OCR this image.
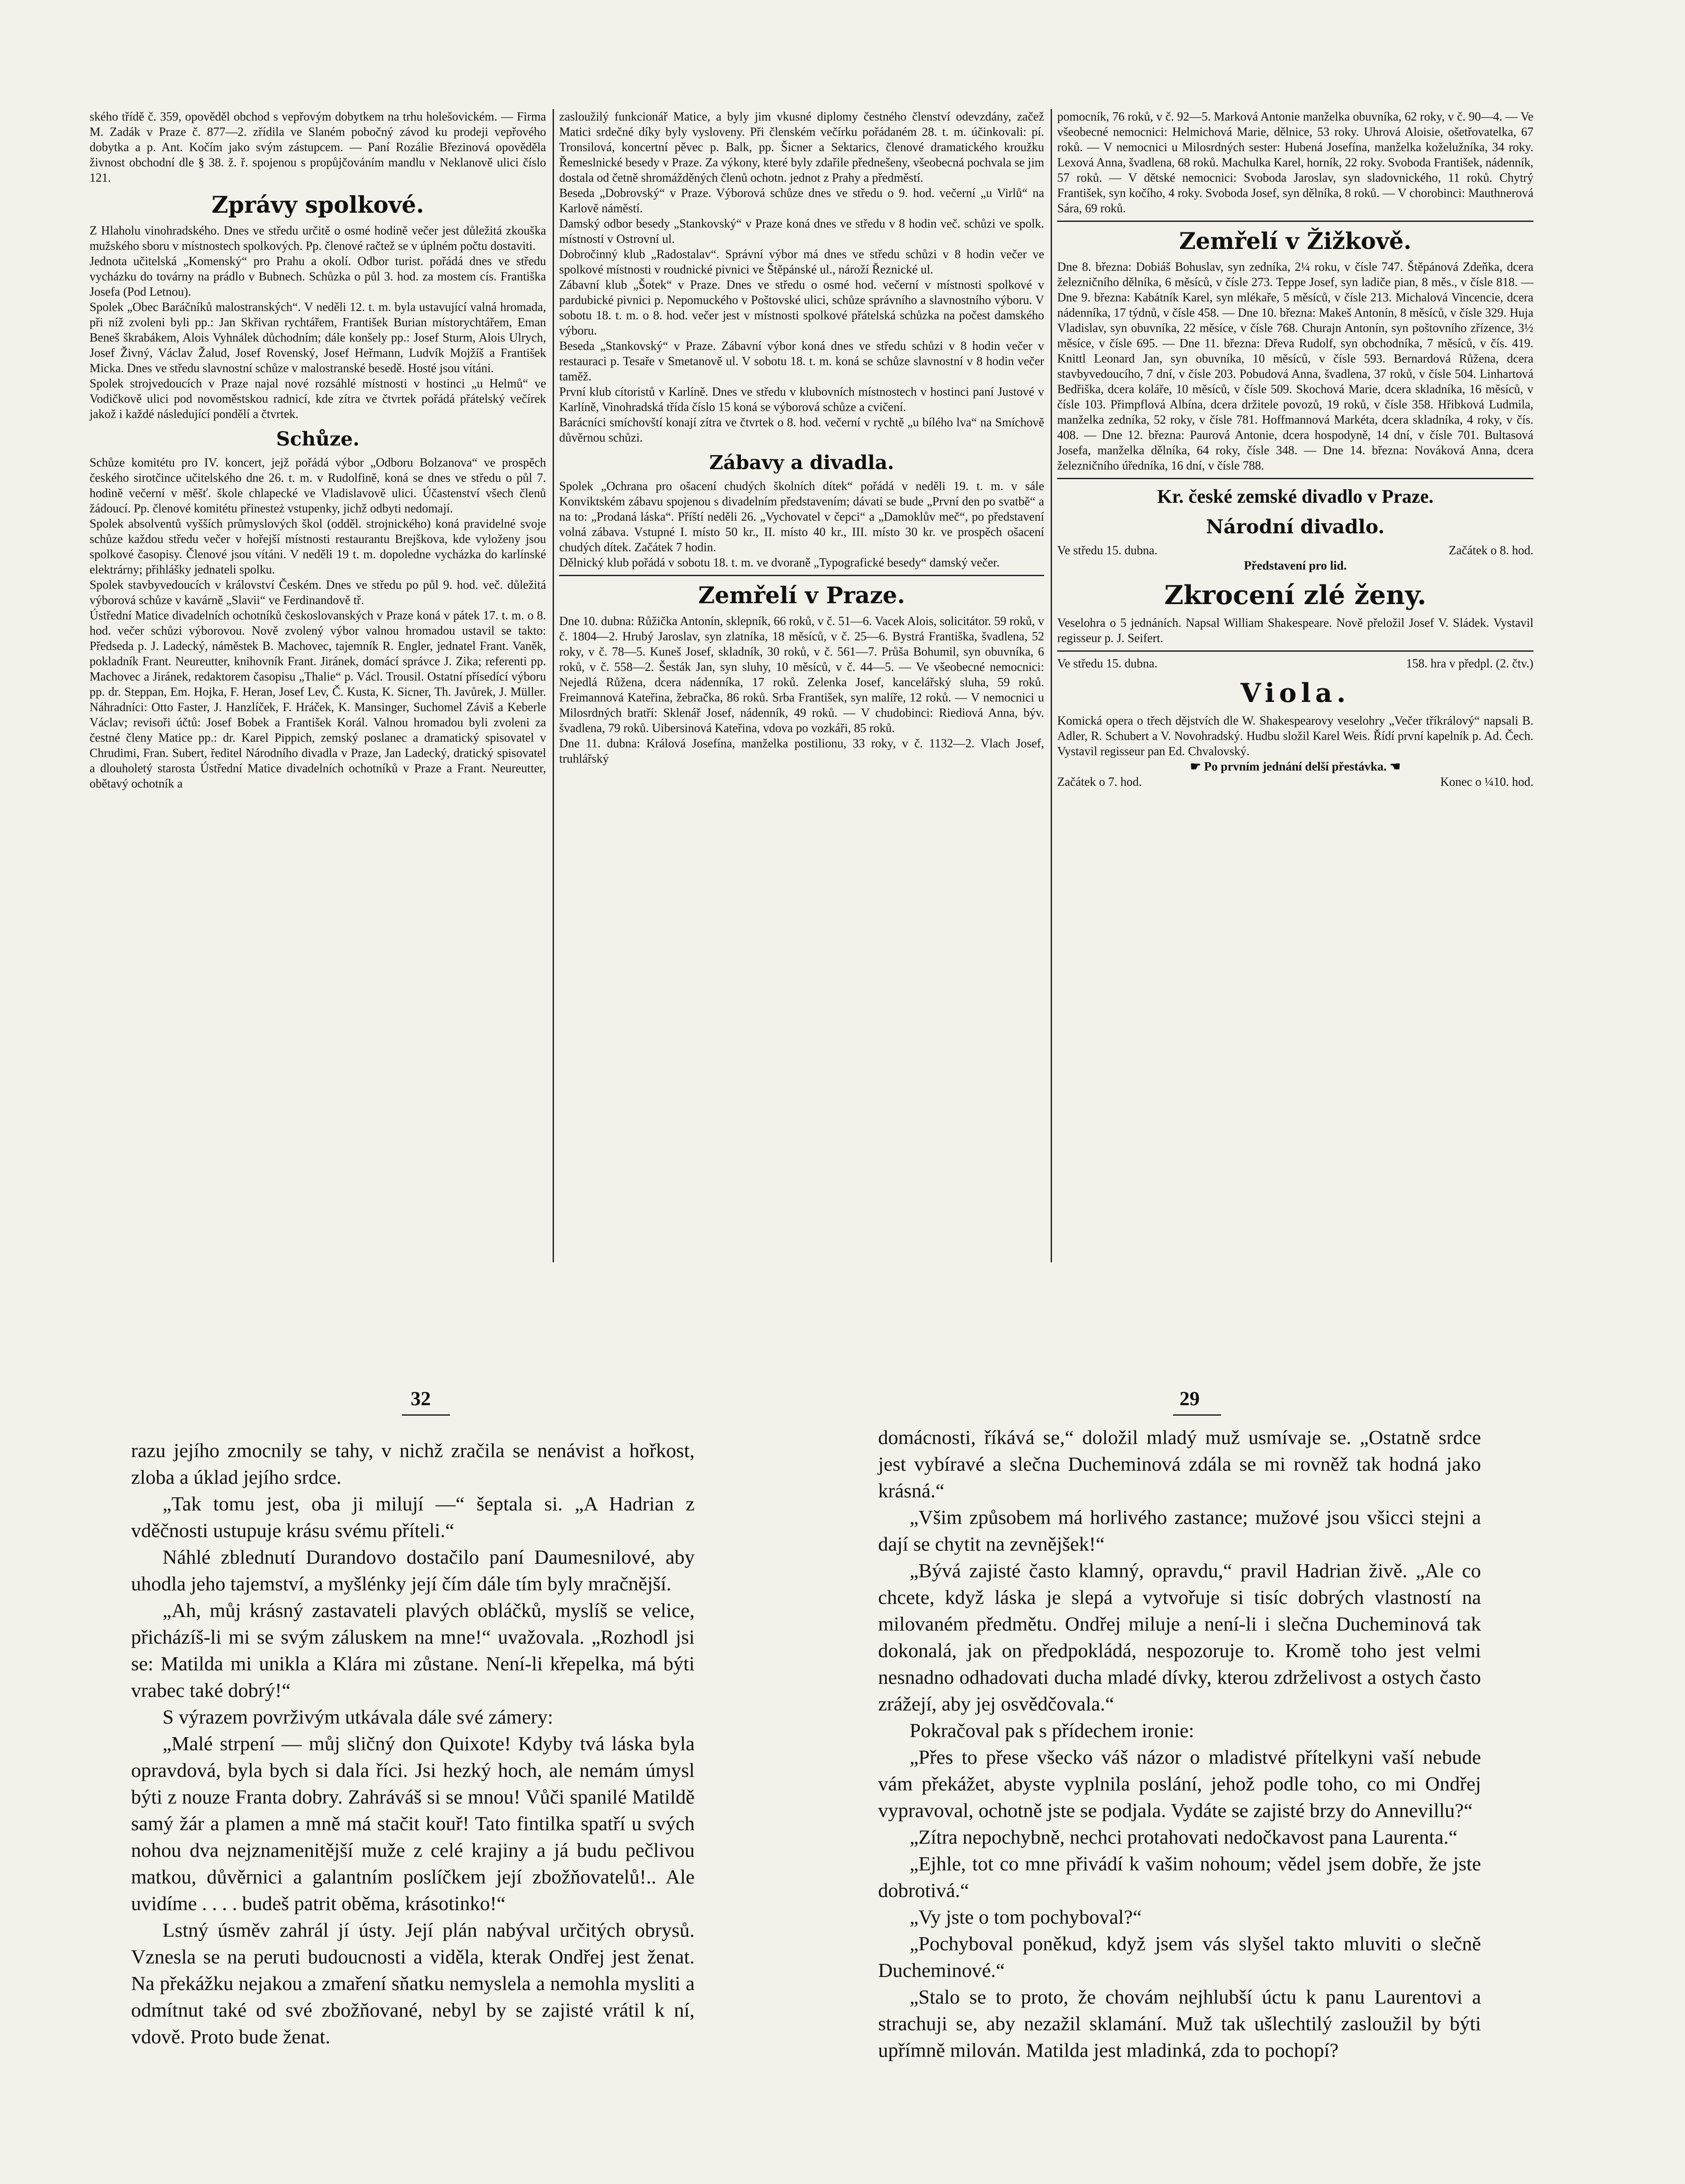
ského třídě č. 359, opověděl obchod s vepřovým dobytkem na trhu holešovickém. — Firma M. Zadák v Praze č. 877—2. zřídila ve Slaném pobočný závod ku prodeji vepřového dobytka a p. Ant. Kočím jako svým zástupcem. — Paní Rozálie Březinová opověděla živnost obchodní dle § 38. ž. ř. spojenou s propůjčováním mandlu v Neklanově ulici číslo 121.

Zprávy spolkové.

Z Hlaholu vinohradského. Dnes ve středu určitě o osmé hodině večer jest důležitá zkouška mužského sboru v místnostech spolkových. Pp. členové račtež se v úplném počtu dostaviti.

Jednota učitelská „Komenský“ pro Prahu a okolí. Odbor turist. pořádá dnes ve středu vycházku do továrny na prádlo v Bubnech. Schůzka o půl 3. hod. za mostem cís. Františka Josefa (Pod Letnou).

Spolek „Obec Baráčníků malostranských“. V neděli 12. t. m. byla ustavující valná hromada, při níž zvoleni byli pp.: Jan Skřivan rychtářem, František Burian místorychtářem, Eman Beneš škrabákem, Alois Vyhnálek důchodním; dále konšely pp.: Josef Sturm, Alois Ulrych, Josef Živný, Václav Žalud, Josef Rovenský, Josef Heřmann, Ludvík Mojžíš a František Micka. Dnes ve středu slavnostní schůze v malostranské besedě. Hosté jsou vítáni.

Spolek strojvedoucích v Praze najal nové rozsáhlé místnosti v hostinci „u Helmů“ ve Vodičkově ulici pod novoměstskou radnicí, kde zítra ve čtvrtek pořádá přátelský večírek jakož i každé následující pondělí a čtvrtek.

Schůze.

Schůze komitétu pro IV. koncert, jejž pořádá výbor „Odboru Bolzanova“ ve prospěch českého sirotčince učitelského dne 26. t. m. v Rudolfině, koná se dnes ve středu o půl 7. hodině večerní v měšť. škole chlapecké ve Vladislavově ulici. Účastenství všech členů žádoucí. Pp. členové komitétu přinesteż vstupenky, jichž odbyti nedomají.

Spolek absolventů vyšších průmyslových škol (odděl. strojnického) koná pravidelné svoje schůze každou středu večer v hořejší místnosti restaurantu Brejškova, kde vyloženy jsou spolkové časopisy. Členové jsou vítáni. V neděli 19 t. m. dopoledne vycházka do karlínské elektrárny; přihlášky jednateli spolku.

Spolek stavbyvedoucích v království Českém. Dnes ve středu po půl 9. hod. več. důležitá výborová schůze v kavárně „Slavii“ ve Ferdinandově tř.

Ústřední Matice divadelních ochotníků českoslovanských v Praze koná v pátek 17. t. m. o 8. hod. večer schůzi výborovou. Nově zvolený výbor valnou hromadou ustavil se takto: Předseda p. J. Ladecký, náměstek B. Machovec, tajemník R. Engler, jednatel Frant. Vaněk, pokladník Frant. Neureutter, knihovník Frant. Jiránek, domácí správce J. Zika; referenti pp. Machovec a Jiránek, redaktorem časopisu „Thalie“ p. Václ. Trousil. Ostatní přísedící výboru pp. dr. Steppan, Em. Hojka, F. Heran, Josef Lev, Č. Kusta, K. Sicner, Th. Javůrek, J. Müller. Náhradníci: Otto Faster, J. Hanzlíček, F. Hráček, K. Mansinger, Suchomel Záviš a Keberle Václav; revisoři účtů: Josef Bobek a František Korál. Valnou hromadou byli zvoleni za čestné členy Matice pp.: dr. Karel Pippich, zemský poslanec a dramatický spisovatel v Chrudimi, Fran. Subert, ředitel Národního divadla v Praze, Jan Ladecký, dratický spisovatel a dlouholetý starosta Ústřední Matice divadelních ochotníků v Praze a Frant. Neureutter, obětavý ochotník a

zasloužilý funkcionář Matice, a byly jim vkusné diplomy čestného členství odevzdány, začež Matici srdečné díky byly vysloveny. Při členském večírku pořádaném 28. t. m. účinkovali: pí. Tronsilová, koncertní pěvec p. Balk, pp. Šicner a Sektarics, členové dramatického kroužku Řemeslnické besedy v Praze. Za výkony, které byly zdařile přednešeny, všeobecná pochvala se jim dostala od četně shromážděných členů ochotn. jednot z Prahy a předměstí.

Beseda „Dobrovský“ v Praze. Výborová schůze dnes ve středu o 9. hod. večerní „u Virlů“ na Karlově náměstí.

Damský odbor besedy „Stankovský“ v Praze koná dnes ve středu v 8 hodin več. schůzi ve spolk. místnosti v Ostrovní ul.

Dobročinný klub „Radostalav“. Správní výbor má dnes ve středu schůzi v 8 hodin večer ve spolkové místnosti v roudnické pivnici ve Štěpánské ul., nároží Řeznické ul.

Zábavní klub „Šotek“ v Praze. Dnes ve středu o osmé hod. večerní v místnosti spolkové v pardubické pivnici p. Nepomuckého v Poštovské ulici, schůze správního a slavnostního výboru. V sobotu 18. t. m. o 8. hod. večer jest v místnosti spolkové přátelská schůzka na počest damského výboru.

Beseda „Stankovský“ v Praze. Zábavní výbor koná dnes ve středu schůzi v 8 hodin večer v restauraci p. Tesaře v Smetanově ul. V sobotu 18. t. m. koná se schůze slavnostní v 8 hodin večer taměž.

První klub cítoristů v Karlíně. Dnes ve středu v klubovních místnostech v hostinci paní Justové v Karlíně, Vinohradská třída číslo 15 koná se výborová schůze a cvičení.

Barácníci smíchovští konají zítra ve čtvrtek o 8. hod. večerní v rychtě „u bílého lva“ na Smíchově důvěrnou schůzi.

Zábavy a divadla.

Spolek „Ochrana pro ošacení chudých školních dítek“ pořádá v neděli 19. t. m. v sále Konviktském zábavu spojenou s divadelním představením; dávati se bude „První den po svatbě“ a na to: „Prodaná láska“. Příští neděli 26. „Vychovatel v čepci“ a „Damoklův meč“, po představení volná zábava. Vstupné I. místo 50 kr., II. místo 40 kr., III. místo 30 kr. ve prospěch ošacení chudých dítek. Začátek 7 hodin.

Dělnický klub pořádá v sobotu 18. t. m. ve dvoraně „Typografické besedy“ damský večer.

Zemřelí v Praze.

Dne 10. dubna: Růžička Antonín, sklepník, 66 roků, v č. 51—6. Vacek Alois, solicitátor. 59 roků, v č. 1804—2. Hrubý Jaroslav, syn zlatníka, 18 měsíců, v č. 25—6. Bystrá Františka, švadlena, 52 roky, v č. 78—5. Kuneš Josef, skladník, 30 roků, v č. 561—7. Průša Bohumil, syn obuvníka, 6 roků, v č. 558—2. Šesták Jan, syn sluhy, 10 měsíců, v č. 44—5. — Ve všeobecné nemocnici: Nejedlá Růžena, dcera nádenníka, 17 roků. Zelenka Josef, kancelářský sluha, 59 roků. Freimannová Kateřina, žebračka, 86 roků. Srba František, syn malíře, 12 roků. — V nemocnici u Milosrdných bratří: Sklenář Josef, nádenník, 49 roků. — V chudobinci: Riediová Anna, býv. švadlena, 79 roků. Uibersinová Kateřina, vdova po vozkáři, 85 roků.

Dne 11. dubna: Králová Josefína, manželka postilionu, 33 roky, v č. 1132—2. Vlach Josef, truhlářský

pomocník, 76 roků, v č. 92—5. Marková Antonie manželka obuvníka, 62 roky, v č. 90—4. — Ve všeobecné nemocnici: Helmichová Marie, dělnice, 53 roky. Uhrová Aloisie, ošetřovatelka, 67 roků. — V nemocnici u Milosrdných sester: Hubená Josefína, manželka koželužníka, 34 roky. Lexová Anna, švadlena, 68 roků. Machulka Karel, horník, 22 roky. Svoboda František, nádenník, 57 roků. — V dětské nemocnici: Svoboda Jaroslav, syn sladovnického, 11 roků. Chytrý František, syn kočího, 4 roky. Svoboda Josef, syn dělníka, 8 roků. — V chorobinci: Mauthnerová Sára, 69 roků.

Zemřelí v Žižkově.

Dne 8. března: Dobiáš Bohuslav, syn zedníka, 2¼ roku, v čísle 747. Štěpánová Zdeňka, dcera železničního dělníka, 6 měsíců, v čísle 273. Teppe Josef, syn ladiče pian, 8 měs., v čísle 818. — Dne 9. března: Kabátník Karel, syn mlékaře, 5 měsíců, v čísle 213. Michalová Vincencie, dcera nádenníka, 17 týdnů, v čísle 458. — Dne 10. března: Makeš Antonín, 8 měsíců, v čísle 329. Huja Vladislav, syn obuvníka, 22 měsíce, v čísle 768. Churajn Antonín, syn poštovního zřízence, 3½ měsíce, v čísle 695. — Dne 11. března: Dřeva Rudolf, syn obchodníka, 7 měsíců, v čís. 419. Knittl Leonard Jan, syn obuvníka, 10 měsíců, v čísle 593. Bernardová Růžena, dcera stavbyvedoucího, 7 dní, v čísle 203. Pobudová Anna, švadlena, 37 roků, v čísle 504. Linhartová Bedřiška, dcera koláře, 10 měsíců, v čísle 509. Skochová Marie, dcera skladníka, 16 měsíců, v čísle 103. Přimpflová Albína, dcera držitele povozů, 19 roků, v čísle 358. Hřibková Ludmila, manželka zedníka, 52 roky, v čísle 781. Hoffmannová Markéta, dcera skladníka, 4 roky, v čís. 408. — Dne 12. března: Paurová Antonie, dcera hospodyně, 14 dní, v čísle 701. Bultasová Josefa, manželka dělníka, 64 roky, čísle 348. — Dne 14. března: Nováková Anna, dcera železničního úředníka, 16 dní, v čísle 788.

Kr. české zemské divadlo v Praze.
Národní divadlo.
Ve středu 15. dubna.	Začátek o 8. hod.
Představení pro lid.
Zkrocení zlé ženy.

Veselohra o 5 jednáních. Napsal William Shakespeare. Nově přeložil Josef V. Sládek. Vystavil regisseur p. J. Seifert.

Ve středu 15. dubna.	158. hra v předpl. (2. čtv.)
Viola.

Komická opera o třech dějstvích dle W. Shakespearovy veselohry „Večer tříkrálový“ napsali B. Adler, R. Schubert a V. Novohradský. Hudbu složil Karel Weis. Řídí první kapelník p. Ad. Čech. Vystavil regisseur pan Ed. Chvalovský.

☛ Po prvním jednání delší přestávka. ☚
Začátek o 7. hod.	Konec o ¼10. hod.
32	29

razu jejího zmocnily se tahy, v nichž zračila se nenávist a hořkost, zloba a úklad jejího srdce.

„Tak tomu jest, oba ji milují —“ šeptala si. „A Hadrian z vděčnosti ustupuje krásu svému příteli.“

Náhlé zblednutí Durandovo dostačilo paní Daumesnilové, aby uhodla jeho tajemství, a myšlénky její čím dále tím byly mračnější.

„Ah, můj krásný zastavateli plavých obláčků, myslíš se velice, přicházíš-li mi se svým záluskem na mne!“ uvažovala. „Rozhodl jsi se: Matilda mi unikla a Klára mi zůstane. Není-li křepelka, má býti vrabec také dobrý!“

S výrazem povrživým utkávala dále své zámery:

„Malé strpení — můj sličný don Quixote! Kdyby tvá láska byla opravdová, byla bych si dala říci. Jsi hezký hoch, ale nemám úmysl býti z nouze Franta dobry. Zahráváš si se mnou! Vůči spanilé Matildě samý žár a plamen a mně má stačit kouř! Tato fintilka spatří u svých nohou dva nejznamenitější muže z celé krajiny a já budu pečlivou matkou, důvěrnici a galantním poslíčkem její zbožňovatelů!.. Ale uvidíme . . . . budeš patrit oběma, krásotinko!“

Lstný úsměv zahrál jí ústy. Její plán nabýval určitých obrysů. Vznesla se na peruti budoucnosti a viděla, kterak Ondřej jest ženat. Na překážku nejakou a zmaření sňatku nemyslela a nemohla mysliti a odmítnut také od své zbožňované, nebyl by se zajisté vrátil k ní, vdově. Proto bude ženat.

domácnosti, říkává se,“ doložil mladý muž usmívaje se. „Ostatně srdce jest vybíravé a slečna Ducheminová zdála se mi rovněž tak hodná jako krásná.“

„Všim způsobem má horlivého zastance; mužové jsou všicci stejni a dají se chytit na zevnějšek!“

„Bývá zajisté často klamný, opravdu,“ pravil Hadrian živě. „Ale co chcete, když láska je slepá a vytvořuje si tisíc dobrých vlastností na milovaném předmětu. Ondřej miluje a není-li i slečna Ducheminová tak dokonalá, jak on předpokládá, nespozoruje to. Kromě toho jest velmi nesnadno odhadovati ducha mladé dívky, kterou zdrželivost a ostych často zrážejí, aby jej osvědčovala.“

Pokračoval pak s přídechem ironie:

„Přes to přese všecko váš názor o mladistvé přítelkyni vaší nebude vám překážet, abyste vyplnila poslání, jehož podle toho, co mi Ondřej vypravoval, ochotně jste se podjala. Vydáte se zajisté brzy do Annevillu?“

„Zítra nepochybně, nechci protahovati nedočkavost pana Laurenta.“

„Ejhle, tot co mne přivádí k vašim nohoum; vědel jsem dobře, že jste dobrotivá.“

„Vy jste o tom pochyboval?“

„Pochyboval poněkud, když jsem vás slyšel takto mluviti o slečně Ducheminové.“

„Stalo se to proto, že chovám nejhlubší úctu k panu Laurentovi a strachuji se, aby nezažil sklamání. Muž tak ušlechtilý zasloužil by býti upřímně milován. Matilda jest mladinká, zda to pochopí?
